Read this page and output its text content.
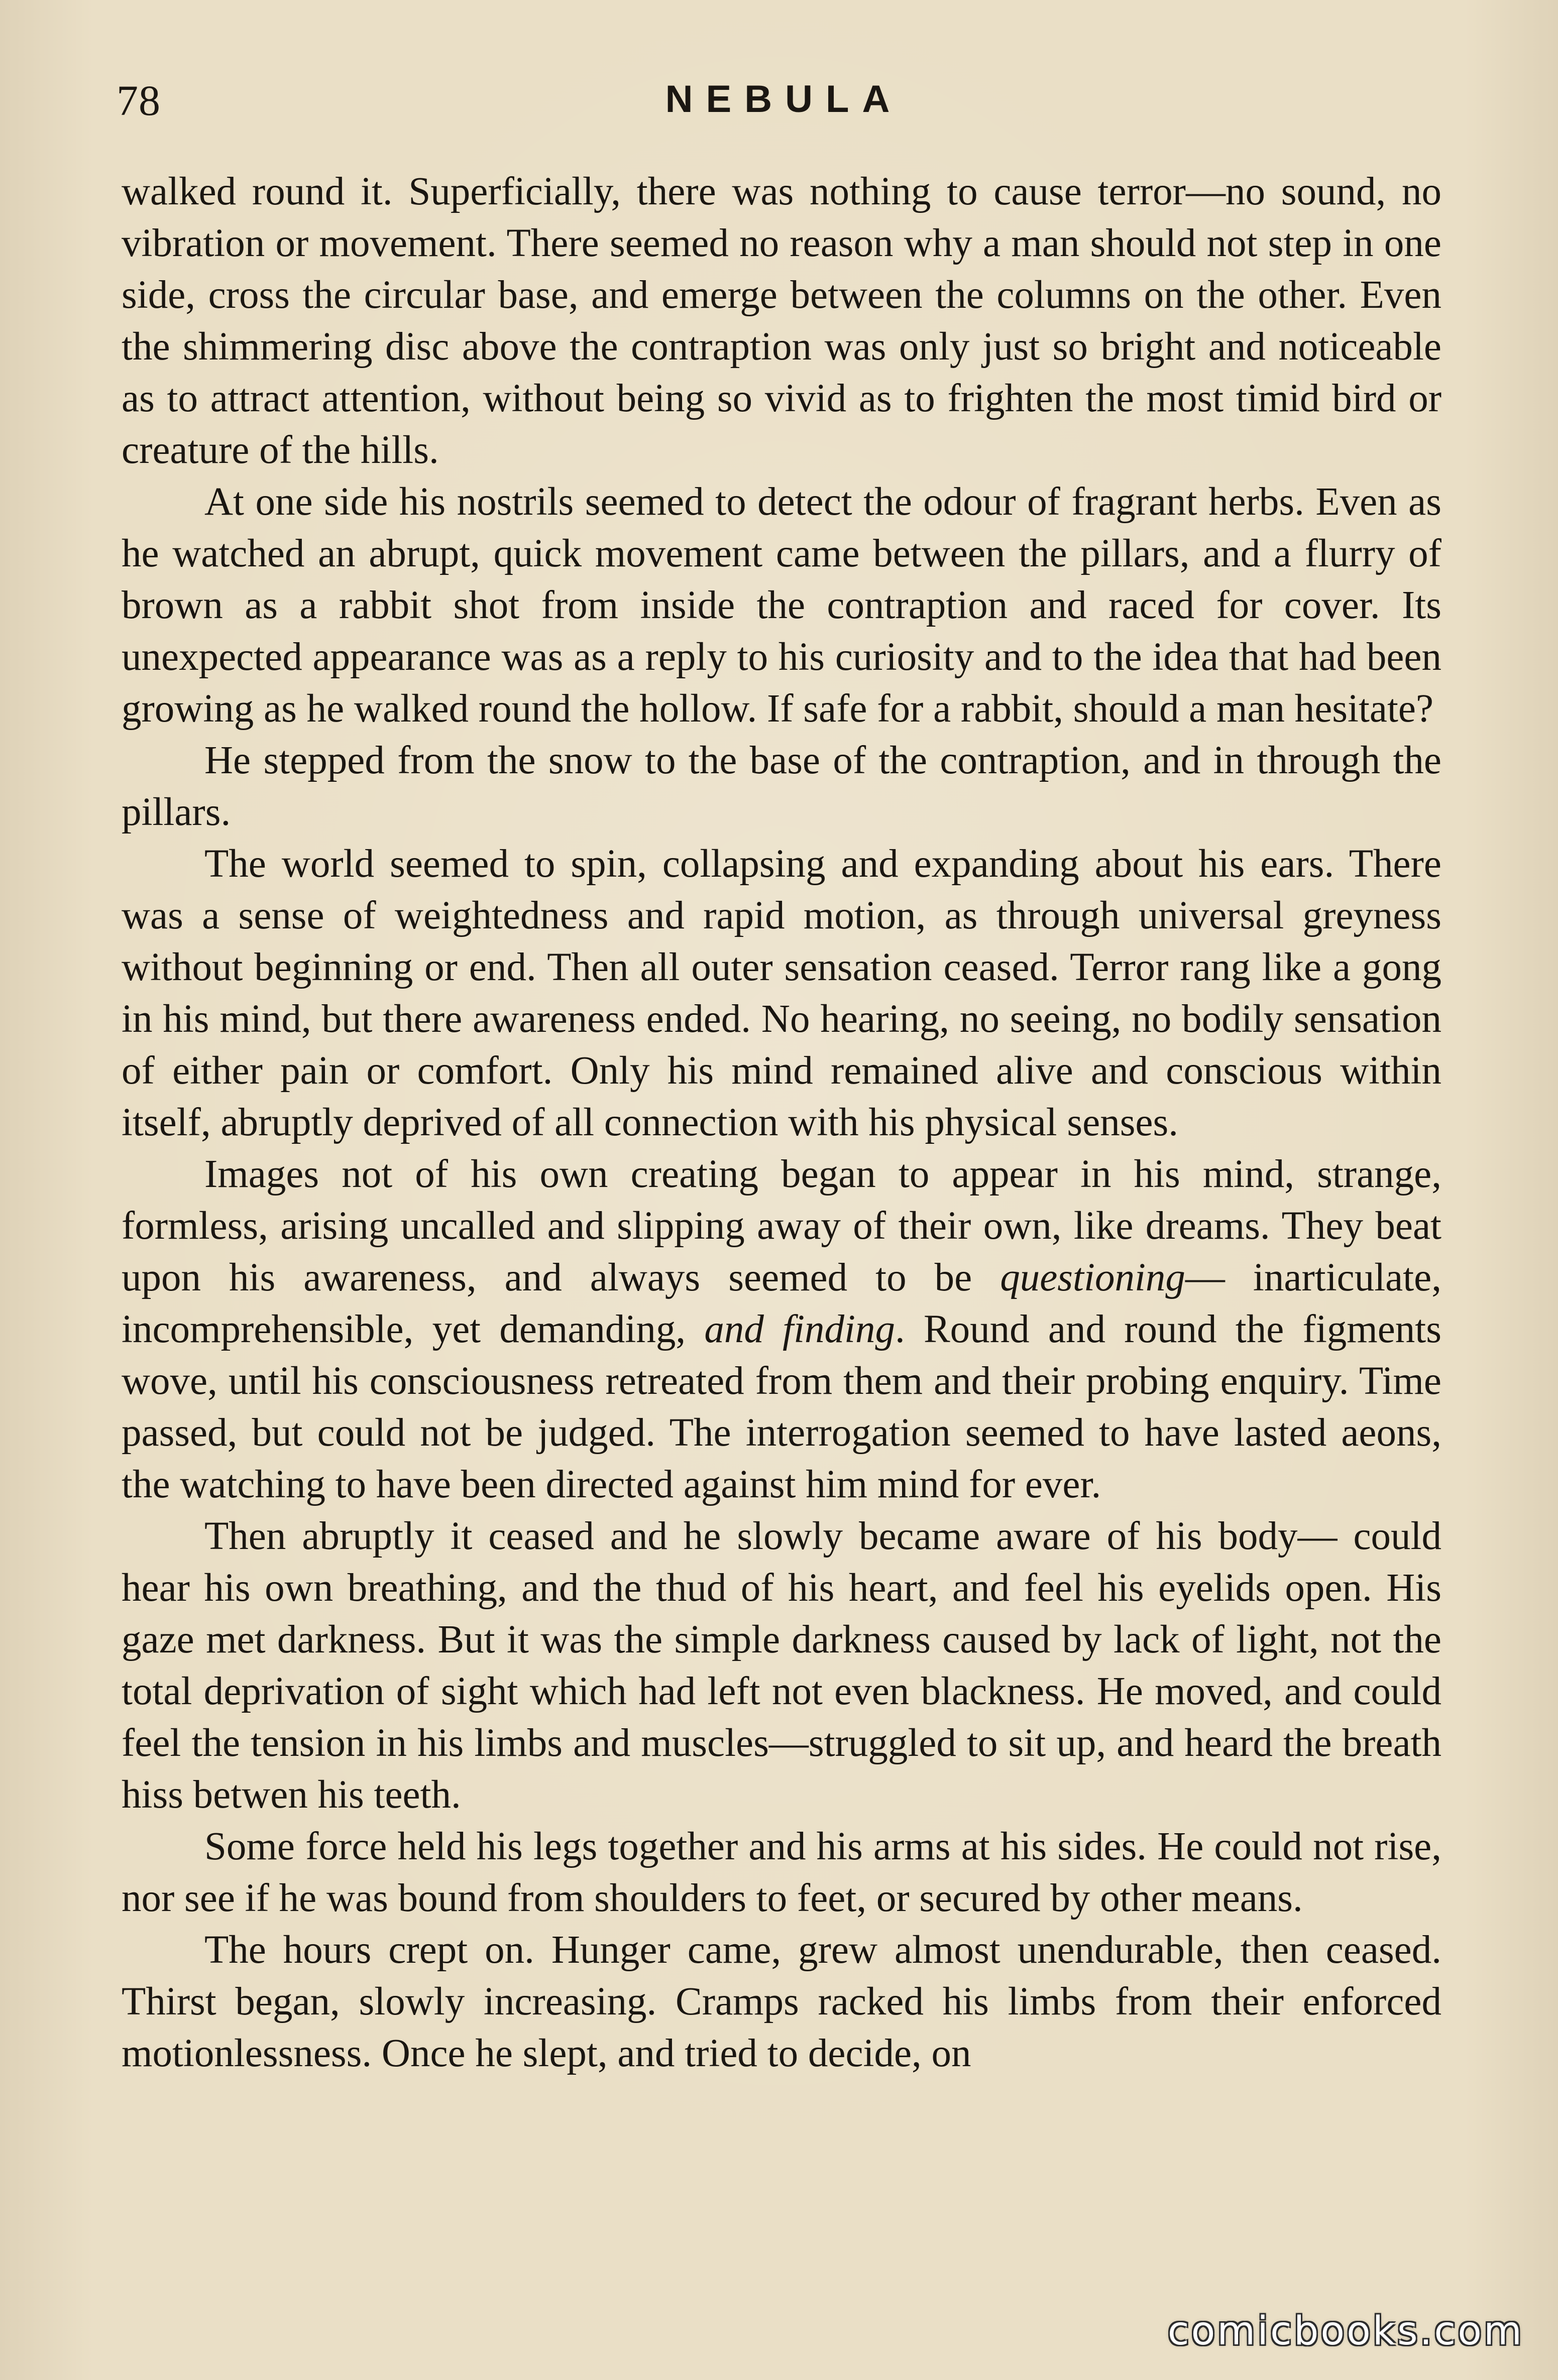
78	NEBULA

walked round it. Superficially, there was nothing to cause terror—no sound, no vibration or movement. There seemed no reason why a man should not step in one side, cross the circular base, and emerge between the columns on the other. Even the shimmering disc above the contraption was only just so bright and noticeable as to attract attention, without being so vivid as to frighten the most timid bird or creature of the hills.

At one side his nostrils seemed to detect the odour of fragrant herbs. Even as he watched an abrupt, quick movement came between the pillars, and a flurry of brown as a rabbit shot from inside the contraption and raced for cover. Its unexpected appearance was as a reply to his curiosity and to the idea that had been growing as he walked round the hollow. If safe for a rabbit, should a man hesitate?

He stepped from the snow to the base of the contraption, and in through the pillars.

The world seemed to spin, collapsing and expanding about his ears. There was a sense of weightedness and rapid motion, as through universal greyness without beginning or end. Then all outer sensation ceased. Terror rang like a gong in his mind, but there awareness ended. No hearing, no seeing, no bodily sensation of either pain or comfort. Only his mind remained alive and conscious within itself, abruptly deprived of all connection with his physical senses.

Images not of his own creating began to appear in his mind, strange, formless, arising uncalled and slipping away of their own, like dreams. They beat upon his awareness, and always seemed to be questioning— inarticulate, incomprehensible, yet demanding, and finding. Round and round the figments wove, until his consciousness retreated from them and their probing enquiry. Time passed, but could not be judged. The interrogation seemed to have lasted aeons, the watching to have been directed against him mind for ever.

Then abruptly it ceased and he slowly became aware of his body— could hear his own breathing, and the thud of his heart, and feel his eyelids open. His gaze met darkness. But it was the simple darkness caused by lack of light, not the total deprivation of sight which had left not even blackness. He moved, and could feel the tension in his limbs and muscles—struggled to sit up, and heard the breath hiss betwen his teeth.

Some force held his legs together and his arms at his sides. He could not rise, nor see if he was bound from shoulders to feet, or secured by other means.

The hours crept on. Hunger came, grew almost unendurable, then ceased. Thirst began, slowly increasing. Cramps racked his limbs from their enforced motionlessness. Once he slept, and tried to decide, on

comicbooks.com
